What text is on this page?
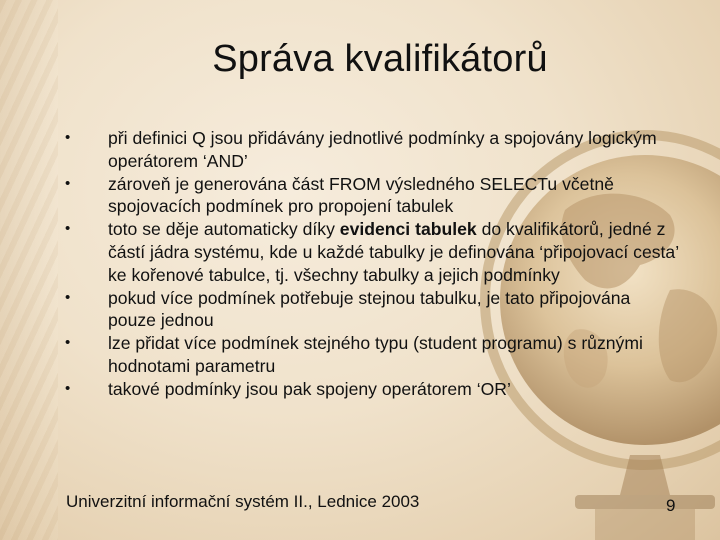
Správa kvalifikátorů
• při definici Q jsou přidávány jednotlivé podmínky a spojovány logickým operátorem ‘AND’
• zároveň je generována část FROM výsledného SELECTu včetně spojovacích podmínek pro propojení tabulek
• toto se děje automaticky díky evidenci tabulek do kvalifikátorů, jedné z částí jádra systému, kde u každé tabulky je definována ‘připojovací cesta’ ke kořenové tabulce, tj. všechny tabulky a jejich podmínky
• pokud více podmínek potřebuje stejnou tabulku, je tato připojována pouze jednou
• lze přidat více podmínek stejného typu (student programu) s různými hodnotami parametru
• takové podmínky jsou pak spojeny operátorem ‘OR’
Univerzitní informační systém II., Lednice 2003	9
